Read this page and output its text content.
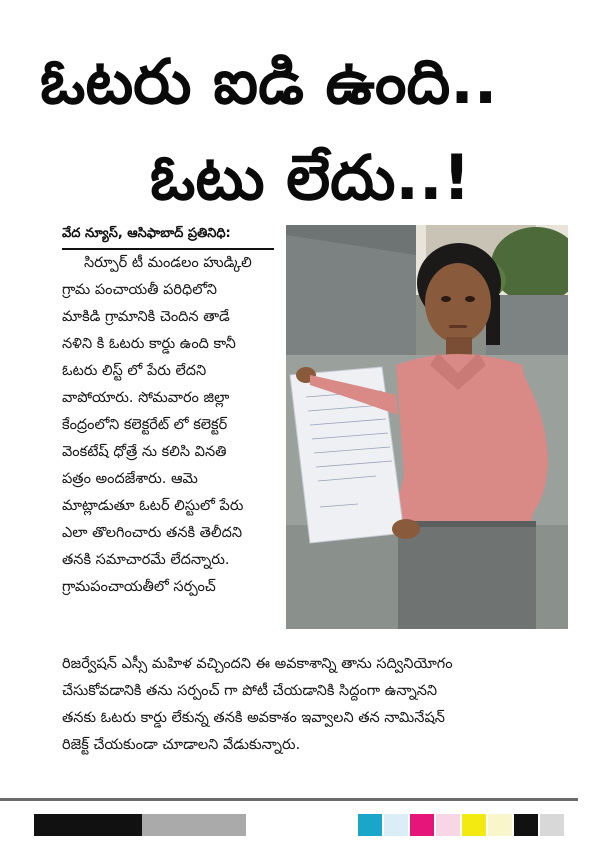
ఓటరు ఐడి ఉంది..
ఓటు లేదు..!
వేద న్యూస్, ఆసిఫాబాద్ ప్రతినిధి:
సిర్పూర్ టీ మండలం హుడ్కిలి
గ్రామ పంచాయతీ పరిధిలోని
మాకిడి గ్రామానికి చెందిన తాడే
నళిని కి ఓటరు కార్డు ఉంది కానీ
ఓటరు లిస్ట్ లో పేరు లేదని
వాపోయారు. సోమవారం జిల్లా
కేంద్రంలోని కలెక్టరేట్ లో కలెక్టర్
వెంకటేష్ ధోత్రే ను కలిసి వినతి
పత్రం అందజేశారు. ఆమె
మాట్లాడుతూ ఓటర్ లిస్టులో పేరు
ఎలా తొలగించారు తనకి తెలీదని
తనకి సమాచారమే లేదన్నారు.
గ్రామపంచాయతీలో సర్పంచ్
రిజర్వేషన్ ఎస్సీ మహిళ వచ్చిందని ఈ అవకాశాన్ని తాను సద్వినియోగం
చేసుకోవడానికి తను సర్పంచ్ గా పోటీ చేయడానికి సిద్దంగా ఉన్నానని
తనకు ఓటరు కార్డు లేకున్న తనకి అవకాశం ఇవ్వాలని తన నామినేషన్
రిజెక్ట్ చేయకుండా చూడాలని వేడుకున్నారు.
